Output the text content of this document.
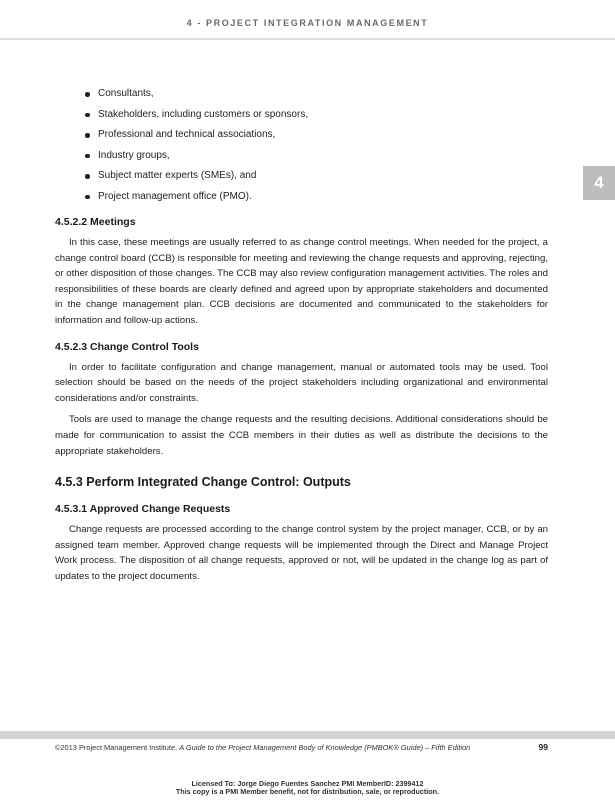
4 - PROJECT INTEGRATION MANAGEMENT
4
Consultants,
Stakeholders, including customers or sponsors,
Professional and technical associations,
Industry groups,
Subject matter experts (SMEs), and
Project management office (PMO).
4.5.2.2 Meetings

In this case, these meetings are usually referred to as change control meetings. When needed for the project, a change control board (CCB) is responsible for meeting and reviewing the change requests and approving, rejecting, or other disposition of those changes. The CCB may also review configuration management activities. The roles and responsibilities of these boards are clearly defined and agreed upon by appropriate stakeholders and documented in the change management plan. CCB decisions are documented and communicated to the stakeholders for information and follow-up actions.

4.5.2.3 Change Control Tools

In order to facilitate configuration and change management, manual or automated tools may be used. Tool selection should be based on the needs of the project stakeholders including organizational and environmental considerations and/or constraints.

Tools are used to manage the change requests and the resulting decisions. Additional considerations should be made for communication to assist the CCB members in their duties as well as distribute the decisions to the appropriate stakeholders.

4.5.3 Perform Integrated Change Control: Outputs
4.5.3.1 Approved Change Requests

Change requests are processed according to the change control system by the project manager, CCB, or by an assigned team member. Approved change requests will be implemented through the Direct and Manage Project Work process. The disposition of all change requests, approved or not, will be updated in the change log as part of updates to the project documents.

©2013 Project Management Institute. A Guide to the Project Management Body of Knowledge (PMBOK® Guide) – Fifth Edition	99
Licensed To: Jorge Diego Fuentes Sanchez PMI MemberID: 2399412
This copy is a PMI Member benefit, not for distribution, sale, or reproduction.
